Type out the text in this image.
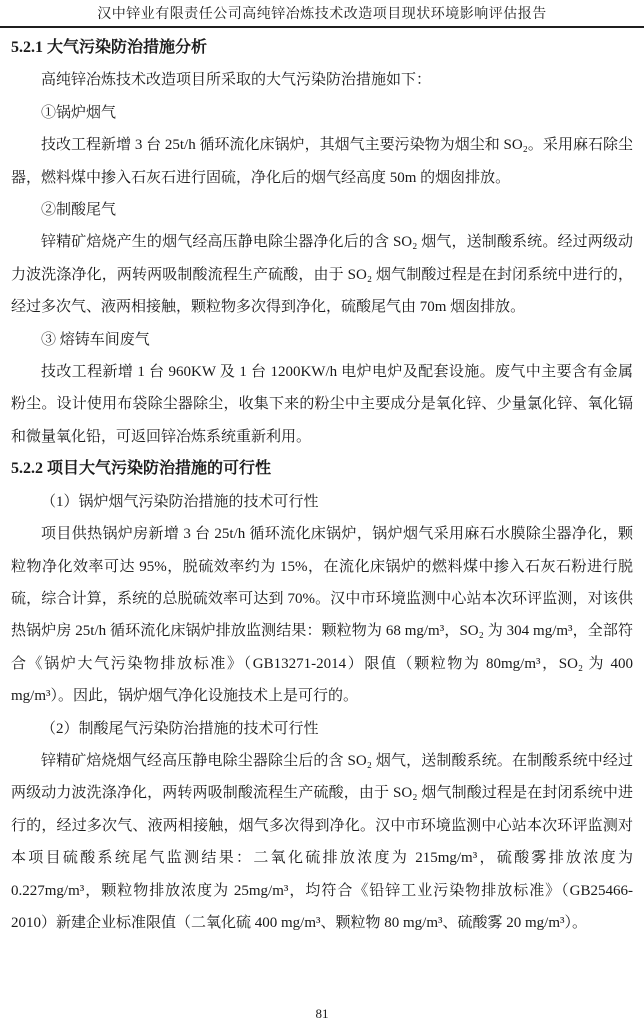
汉中锌业有限责任公司高纯锌冶炼技术改造项目现状环境影响评估报告
5.2.1 大气污染防治措施分析

高纯锌冶炼技术改造项目所采取的大气污染防治措施如下：

①锅炉烟气

技改工程新增 3 台 25t/h 循环流化床锅炉，其烟气主要污染物为烟尘和 SO₂。采用麻石除尘器，燃料煤中掺入石灰石进行固硫，净化后的烟气经高度 50m 的烟囱排放。

②制酸尾气

锌精矿焙烧产生的烟气经高压静电除尘器净化后的含 SO₂ 烟气，送制酸系统。经过两级动力波洗涤净化，两转两吸制酸流程生产硫酸，由于 SO₂ 烟气制酸过程是在封闭系统中进行的，经过多次气、液两相接触，颗粒物多次得到净化，硫酸尾气由 70m 烟囱排放。

③ 熔铸车间废气

技改工程新增 1 台 960KW 及 1 台 1200KW/h 电炉电炉及配套设施。废气中主要含有金属粉尘。设计使用布袋除尘器除尘，收集下来的粉尘中主要成分是氧化锌、少量氯化锌、氧化镉和微量氧化铅，可返回锌冶炼系统重新利用。

5.2.2 项目大气污染防治措施的可行性

（1）锅炉烟气污染防治措施的技术可行性

项目供热锅炉房新增 3 台 25t/h 循环流化床锅炉，锅炉烟气采用麻石水膜除尘器净化，颗粒物净化效率可达 95%，脱硫效率约为 15%，在流化床锅炉的燃料煤中掺入石灰石粉进行脱硫，综合计算，系统的总脱硫效率可达到 70%。汉中市环境监测中心站本次环评监测，对该供热锅炉房 25t/h 循环流化床锅炉排放监测结果：颗粒物为 68 mg/m³，SO₂ 为 304 mg/m³，全部符合《锅炉大气污染物排放标准》（GB13271-2014）限值（颗粒物为 80mg/m³，SO₂ 为 400 mg/m³）。因此，锅炉烟气净化设施技术上是可行的。

（2）制酸尾气污染防治措施的技术可行性

锌精矿焙烧烟气经高压静电除尘器除尘后的含 SO₂ 烟气，送制酸系统。在制酸系统中经过两级动力波洗涤净化，两转两吸制酸流程生产硫酸，由于 SO₂ 烟气制酸过程是在封闭系统中进行的，经过多次气、液两相接触，烟气多次得到净化。汉中市环境监测中心站本次环评监测对本项目硫酸系统尾气监测结果：二氧化硫排放浓度为 215mg/m³，硫酸雾排放浓度为 0.227mg/m³，颗粒物排放浓度为 25mg/m³，均符合《铅锌工业污染物排放标准》（GB25466-2010）新建企业标准限值（二氧化硫 400 mg/m³、颗粒物 80 mg/m³、硫酸雾 20 mg/m³）。

81
